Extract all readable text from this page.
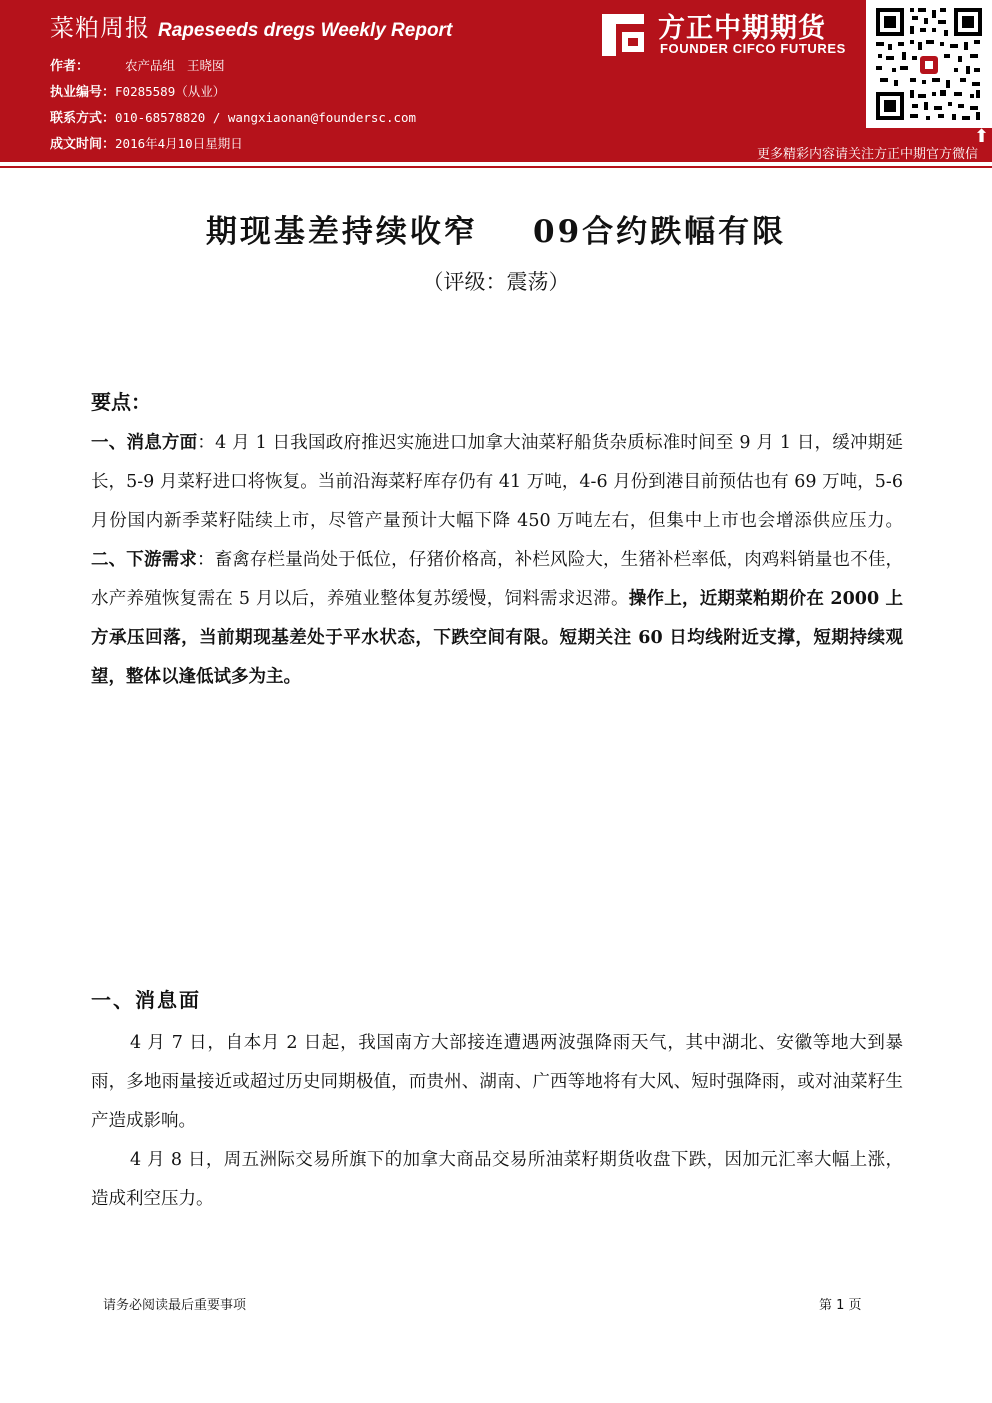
菜粕周报 Rapeseeds dregs Weekly Report
作者：	农产品组 王晓囡
执业编号：F0285589（从业）
联系方式：010-68578820 / wangxiaonan@foundersc.com
成文时间：2016年4月10日星期日
方正中期期货
FOUNDER CIFCO FUTURES
⬆
更多精彩内容请关注方正中期官方微信
期现基差持续收窄 09合约跌幅有限
（评级：震荡）
要点：
一、消息方面：4 月 1 日我国政府推迟实施进口加拿大油菜籽船货杂质标准时间至 9 月 1 日，缓冲期延长，5-9 月菜籽进口将恢复。当前沿海菜籽库存仍有 41 万吨，4-6 月份到港目前预估也有 69 万吨，5-6 月份国内新季菜籽陆续上市，尽管产量预计大幅下降 450 万吨左右，但集中上市也会增添供应压力。二、下游需求：畜禽存栏量尚处于低位，仔猪价格高，补栏风险大，生猪补栏率低，肉鸡料销量也不佳，水产养殖恢复需在 5 月以后，养殖业整体复苏缓慢，饲料需求迟滞。操作上，近期菜粕期价在 2000 上方承压回落，当前期现基差处于平水状态，下跌空间有限。短期关注 60 日均线附近支撑，短期持续观望，整体以逢低试多为主。
一、消息面
4 月 7 日，自本月 2 日起，我国南方大部接连遭遇两波强降雨天气，其中湖北、安徽等地大到暴雨，多地雨量接近或超过历史同期极值，而贵州、湖南、广西等地将有大风、短时强降雨，或对油菜籽生产造成影响。
4 月 8 日，周五洲际交易所旗下的加拿大商品交易所油菜籽期货收盘下跌，因加元汇率大幅上涨，造成利空压力。
请务必阅读最后重要事项	第 1 页
